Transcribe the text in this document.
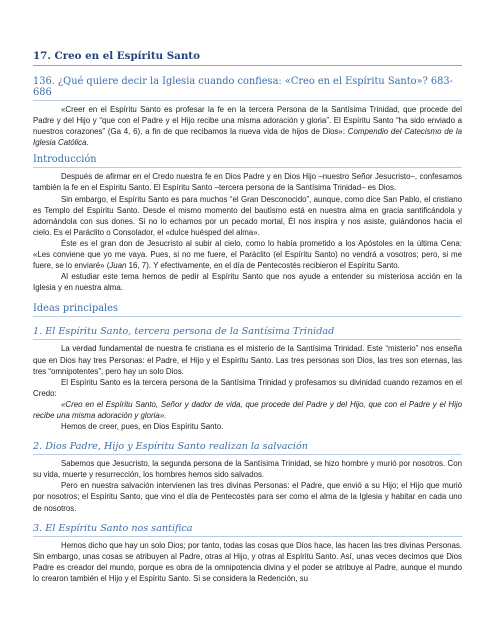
17. Creo en el Espíritu Santo
136. ¿Qué quiere decir la Iglesia cuando confiesa: «Creo en el Espíritu Santo»? 683-686

«Creer en el Espíritu Santo es profesar la fe en la tercera Persona de la Santísima Trinidad, que procede del Padre y del Hijo y “que con el Padre y el Hijo recibe una misma adoración y gloria”. El Espíritu Santo “ha sido enviado a nuestros corazones” (Ga 4, 6), a fin de que recibamos la nueva vida de hijos de Dios»: Compendio del Catecismo de la Iglesia Católica.

Introducción

Después de afirmar en el Credo nuestra fe en Dios Padre y en Dios Hijo –nuestro Señor Jesucristo–, confesamos también la fe en el Espíritu Santo. El Espíritu Santo –tercera persona de la Santísima Trinidad– es Dios.

Sin embargo, el Espíritu Santo es para muchos “el Gran Desconocido”, aunque, como dice San Pablo, el cristiano es Templo del Espíritu Santo. Desde el mismo momento del bautismo está en nuestra alma en gracia santificándola y adornándola con sus dones. Si no lo echamos por un pecado mortal, Él nos inspira y nos asiste, guiándonos hacia el cielo. Es el Paráclito o Consolador, el «dulce huésped del alma».

Éste es el gran don de Jesucristo al subir al cielo, como lo había prometido a los Apóstoles en la última Cena: «Les conviene que yo me vaya. Pues, si no me fuere, el Paráclito (el Espíritu Santo) no vendrá a vosotros; pero, si me fuere, se lo enviaré» (Juan 16, 7). Y efectivamente, en el día de Pentecostés recibieron el Espíritu Santo.

Al estudiar este tema hemos de pedir al Espíritu Santo que nos ayude a entender su misteriosa acción en la Iglesia y en nuestra alma.

Ideas principales
1. El Espíritu Santo, tercera persona de la Santísima Trinidad

La verdad fundamental de nuestra fe cristiana es el misterio de la Santísima Trinidad. Este “misterio” nos enseña que en Dios hay tres Personas: el Padre, el Hijo y el Espíritu Santo. Las tres personas son Dios, las tres son eternas, las tres “omnipotentes”, pero hay un solo Dios.

El Espíritu Santo es la tercera persona de la Santísima Trinidad y profesamos su divinidad cuando rezamos en el Credo:

«Creo en el Espíritu Santo, Señor y dador de vida, que procede del Padre y del Hijo, que con el Padre y el Hijo recibe una misma adoración y gloria».

Hemos de creer, pues, en Dios Espíritu Santo.

2. Dios Padre, Hijo y Espíritu Santo realizan la salvación

Sabemos que Jesucristo, la segunda persona de la Santísima Trinidad, se hizo hombre y murió por nosotros. Con su vida, muerte y resurrección, los hombres hemos sido salvados.

Pero en nuestra salvación intervienen las tres divinas Personas: el Padre, que envió a su Hijo; el Hijo que murió por nosotros; el Espíritu Santo, que vino el día de Pentecostés para ser como el alma de la Iglesia y habitar en cada uno de nosotros.

3. El Espíritu Santo nos santifica

Hemos dicho que hay un solo Dios; por tanto, todas las cosas que Dios hace, las hacen las tres divinas Personas. Sin embargo, unas cosas se atribuyen al Padre, otras al Hijo, y otras al Espíritu Santo. Así, unas veces decimos que Dios Padre es creador del mundo, porque es obra de la omnipotencia divina y el poder se atribuye al Padre, aunque el mundo lo crearon también el Hijo y el Espíritu Santo. Si se considera la Redención, su
